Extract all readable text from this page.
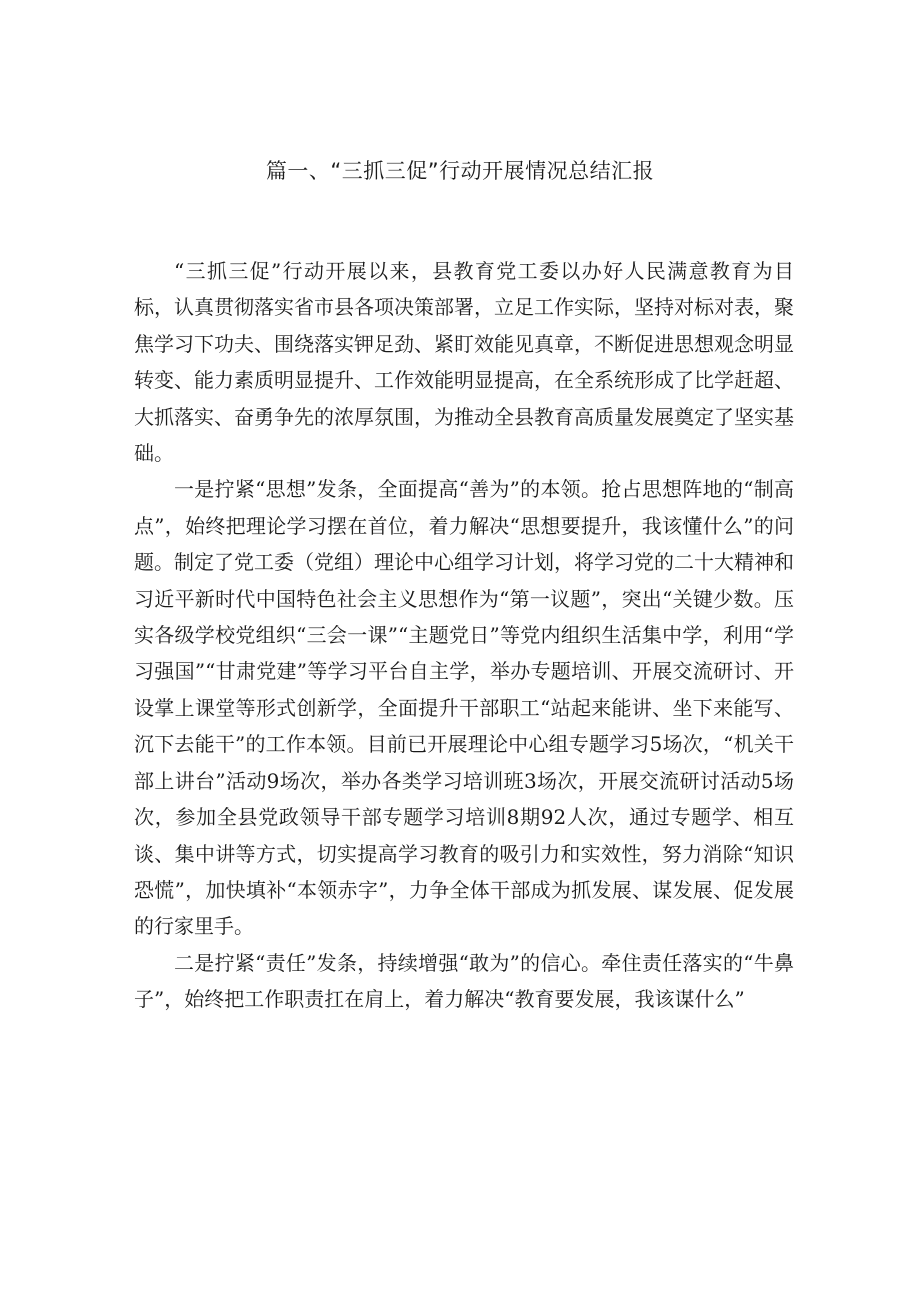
篇一、“三抓三促”行动开展情况总结汇报

“三抓三促”行动开展以来，县教育党工委以办好人民满意教育为目标，认真贯彻落实省市县各项决策部署，立足工作实际，坚持对标对表，聚焦学习下功夫、围绕落实钾足劲、紧盯效能见真章，不断促进思想观念明显转变、能力素质明显提升、工作效能明显提高，在全系统形成了比学赶超、大抓落实、奋勇争先的浓厚氛围，为推动全县教育高质量发展奠定了坚实基础。

一是拧紧“思想”发条，全面提高“善为”的本领。抢占思想阵地的“制高点”，始终把理论学习摆在首位，着力解决“思想要提升，我该懂什么”的问题。制定了党工委（党组）理论中心组学习计划，将学习党的二十大精神和习近平新时代中国特色社会主义思想作为“第一议题”，突出“关键少数。压实各级学校党组织“三会一课”“主题党日”等党内组织生活集中学，利用“学习强国”“甘肃党建”等学习平台自主学，举办专题培训、开展交流研讨、开设掌上课堂等形式创新学，全面提升干部职工“站起来能讲、坐下来能写、沉下去能干”的工作本领。目前已开展理论中心组专题学习5场次，“机关干部上讲台”活动9场次，举办各类学习培训班3场次，开展交流研讨活动5场次，参加全县党政领导干部专题学习培训8期92人次，通过专题学、相互谈、集中讲等方式，切实提高学习教育的吸引力和实效性，努力消除“知识恐慌”，加快填补“本领赤字”，力争全体干部成为抓发展、谋发展、促发展的行家里手。

二是拧紧“责任”发条，持续增强“敢为”的信心。牵住责任落实的“牛鼻子”，始终把工作职责扛在肩上，着力解决“教育要发展，我该谋什么”
